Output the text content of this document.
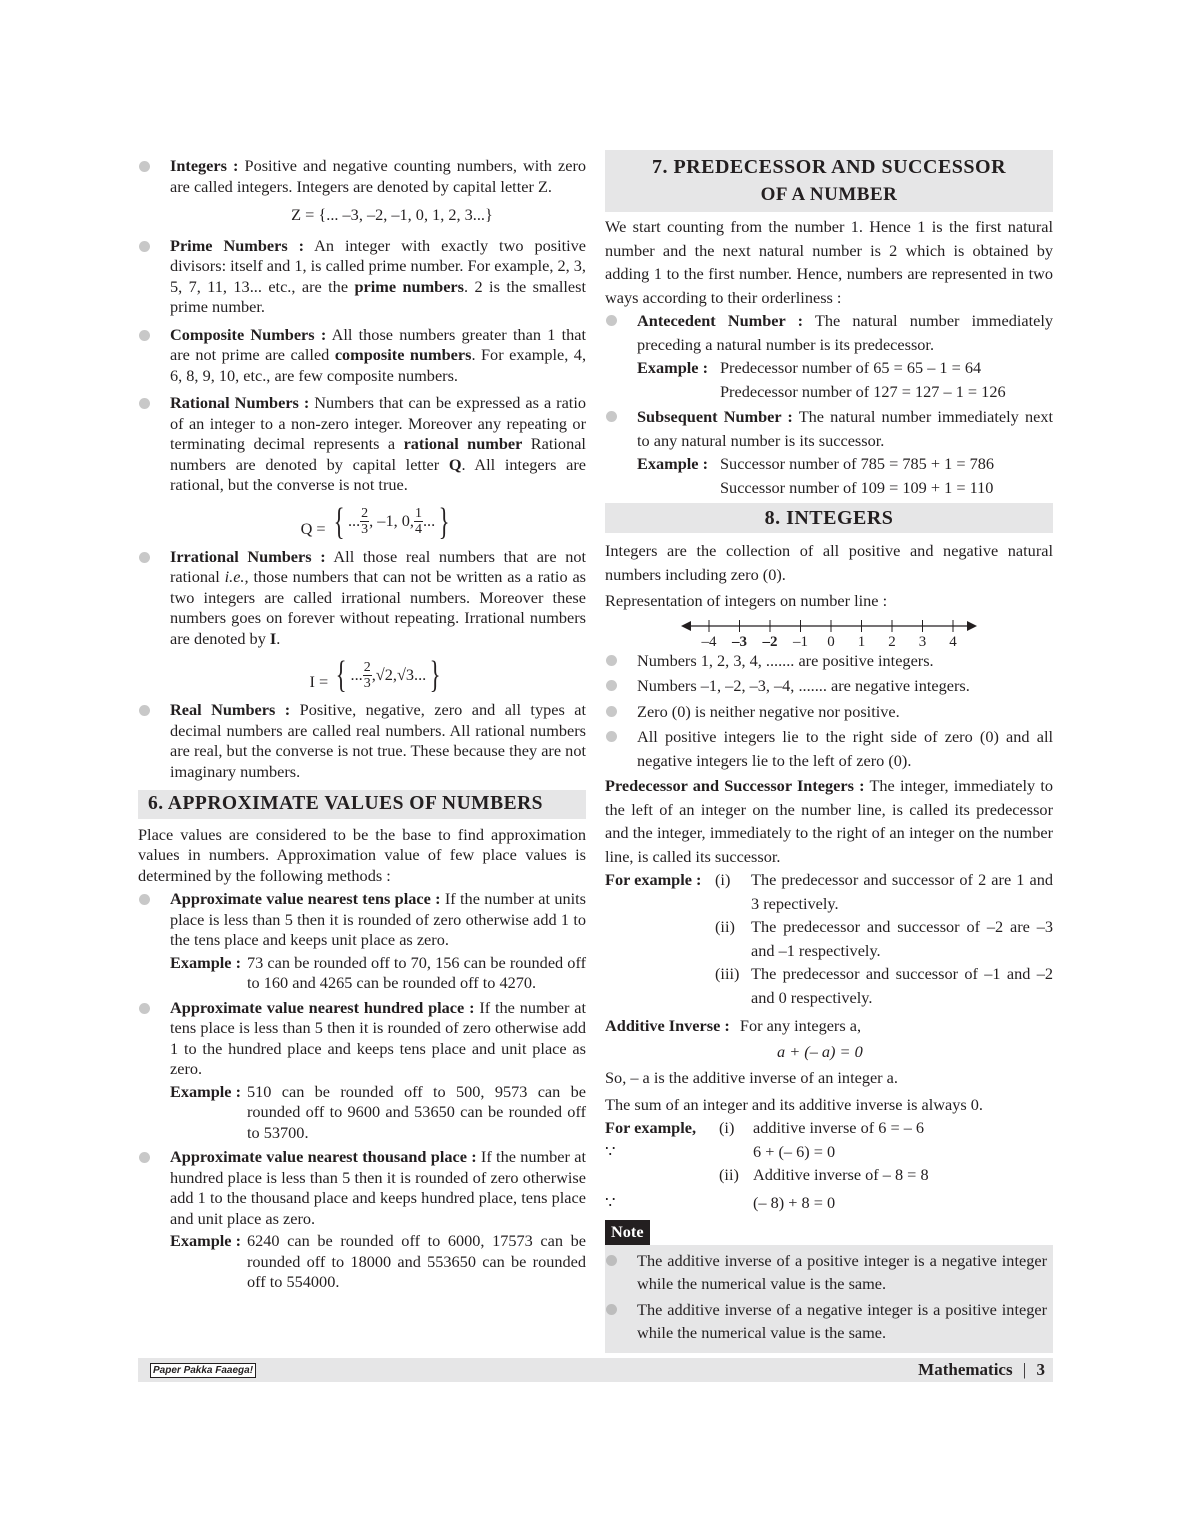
Integers : Positive and negative counting numbers, with zero are called integers. Integers are denoted by capital letter Z.
Z = {... –3, –2, –1, 0, 1, 2, 3...}
Prime Numbers : An integer with exactly two positive divisors: itself and 1, is called prime number. For example, 2, 3, 5, 7, 11, 13... etc., are the prime numbers. 2 is the smallest prime number.
Composite Numbers : All those numbers greater than 1 that are not prime are called composite numbers. For example, 4, 6, 8, 9, 10, etc., are few composite numbers.
Rational Numbers : Numbers that can be expressed as a ratio of an integer to a non-zero integer. Moreover any repeating or terminating decimal represents a rational number Rational numbers are denoted by capital letter Q. All integers are rational, but the converse is not true.
Q = { ... $\frac{2}{3}$ , –1, 0, $\frac{1}{4}$ ... }
Irrational Numbers : All those real numbers that are not rational i.e., those numbers that can not be written as a ratio as two integers are called irrational numbers. Moreover these numbers goes on forever without repeating. Irrational numbers are denoted by I.
I = { ... $\frac{2}{3} ,√2,√3$... }
Real Numbers : Positive, negative, zero and all types at decimal numbers are called real numbers. All rational numbers are real, but the converse is not true. These because they are not imaginary numbers.
6. APPROXIMATE VALUES OF NUMBERS
Place values are considered to be the base to find approximation values in numbers. Approximation value of few place values is determined by the following methods :
Approximate value nearest tens place : If the number at units place is less than 5 then it is rounded of zero otherwise add 1 to the tens place and keeps unit place as zero.
Example : 73 can be rounded off to 70, 156 can be rounded off to 160 and 4265 can be rounded off to 4270.
Approximate value nearest hundred place : If the number at tens place is less than 5 then it is rounded of zero otherwise add 1 to the hundred place and keeps tens place and unit place as zero.
Example : 510 can be rounded off to 500, 9573 can be rounded off to 9600 and 53650 can be rounded off to 53700.
Approximate value nearest thousand place : If the number at hundred place is less than 5 then it is rounded of zero otherwise add 1 to the thousand place and keeps hundred place, tens place and unit place as zero.
Example : 6240 can be rounded off to 6000, 17573 can be rounded off to 18000 and 553650 can be rounded off to 554000.
7. PREDECESSOR AND SUCCESSOR
OF A NUMBER
We start counting from the number 1. Hence 1 is the first natural number and the next natural number is 2 which is obtained by adding 1 to the first number. Hence, numbers are represented in two ways according to their orderliness :
Antecedent Number : The natural number immediately preceding a natural number is its predecessor.
Example : Predecessor number of 65 = 65 – 1 = 64
Predecessor number of 127 = 127 – 1 = 126
Subsequent Number : The natural number immediately next to any natural number is its successor.
Example : Successor number of 785 = 785 + 1 = 786
Successor number of 109 = 109 + 1 = 110
8. INTEGERS
Integers are the collection of all positive and negative natural numbers including zero (0).
Representation of integers on number line :
–4 –3 –2 –1 0 1 2 3 4
Numbers 1, 2, 3, 4, ....... are positive integers.
Numbers –1, –2, –3, –4, ....... are negative integers.
Zero (0) is neither negative nor positive.
All positive integers lie to the right side of zero (0) and all negative integers lie to the left of zero (0).
Predecessor and Successor Integers : The integer, immediately to the left of an integer on the number line, is called its predecessor and the integer, immediately to the right of an integer on the number line, is called its successor.
For example : (i)	The predecessor and successor of 2 are 1 and 3 repectively.
(ii) The predecessor and successor of –2 are –3 and –1 respectively.
(iii) The predecessor and successor of –1 and –2 and 0 respectively.
Additive Inverse : For any integers a,
a + (– a) = 0
So, – a is the additive inverse of an integer a.
The sum of an integer and its additive inverse is always 0.
For example,	(i)	additive inverse of 6 = – 6
∵	6 + (– 6) = 0
(ii) Additive inverse of – 8 = 8
∵	(– 8) + 8 = 0
Note
The additive inverse of a positive integer is a negative integer while the numerical value is the same.
The additive inverse of a negative integer is a positive integer while the numerical value is the same.
Paper Pakka Faaega!	Mathematics | 3
